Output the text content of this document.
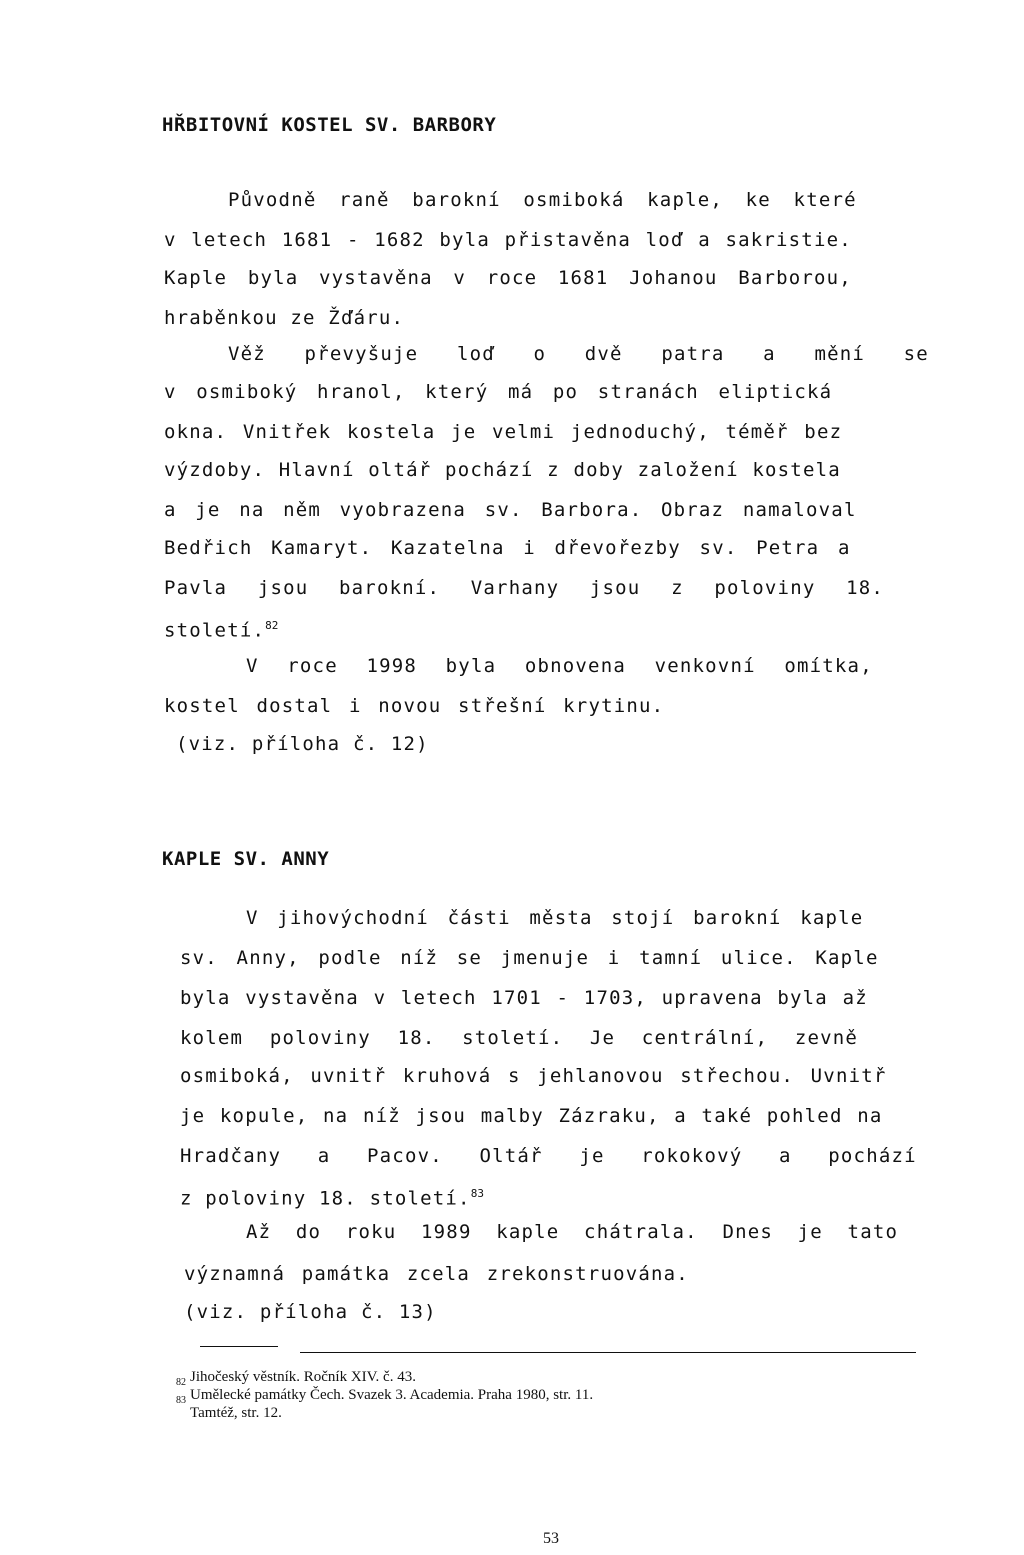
HŘBITOVNÍ KOSTEL SV. BARBORY

Původně raně barokní osmiboká kaple, ke které

v letech 1681 - 1682 byla přistavěna loď a sakristie.

Kaple byla vystavěna v roce 1681 Johanou Barborou,

hraběnkou ze Žďáru.

Věž převyšuje loď o dvě patra a mění se

v osmiboký hranol, který má po stranách eliptická

okna. Vnitřek kostela je velmi jednoduchý, téměř bez

výzdoby. Hlavní oltář pochází z doby založení kostela

a je na něm vyobrazena sv. Barbora. Obraz namaloval

Bedřich Kamaryt. Kazatelna i dřevořezby sv. Petra a

Pavla jsou barokní. Varhany jsou z poloviny 18.

století.$^{82}$

V roce 1998 byla obnovena venkovní omítka,

kostel dostal i novou střešní krytinu.

(viz. příloha č. 12)

KAPLE SV. ANNY

V jihovýchodní části města stojí barokní kaple

sv. Anny, podle níž se jmenuje i tamní ulice. Kaple

byla vystavěna v letech 1701 - 1703, upravena byla až

kolem poloviny 18. století. Je centrální, zevně

osmiboká, uvnitř kruhová s jehlanovou střechou. Uvnitř

je kopule, na níž jsou malby Zázraku, a také pohled na

Hradčany a Pacov. Oltář je rokokový a pochází

z poloviny 18. století.$^{83}$

Až do roku 1989 kaple chátrala. Dnes je tato

významná památka zcela zrekonstruována.

(viz. příloha č. 13)

82 Jihočeský věstník. Ročník XIV. č. 43.
83 Umělecké památky Čech. Svazek 3. Academia. Praha 1980, str. 11.
Tamtéž, str. 12.
53
